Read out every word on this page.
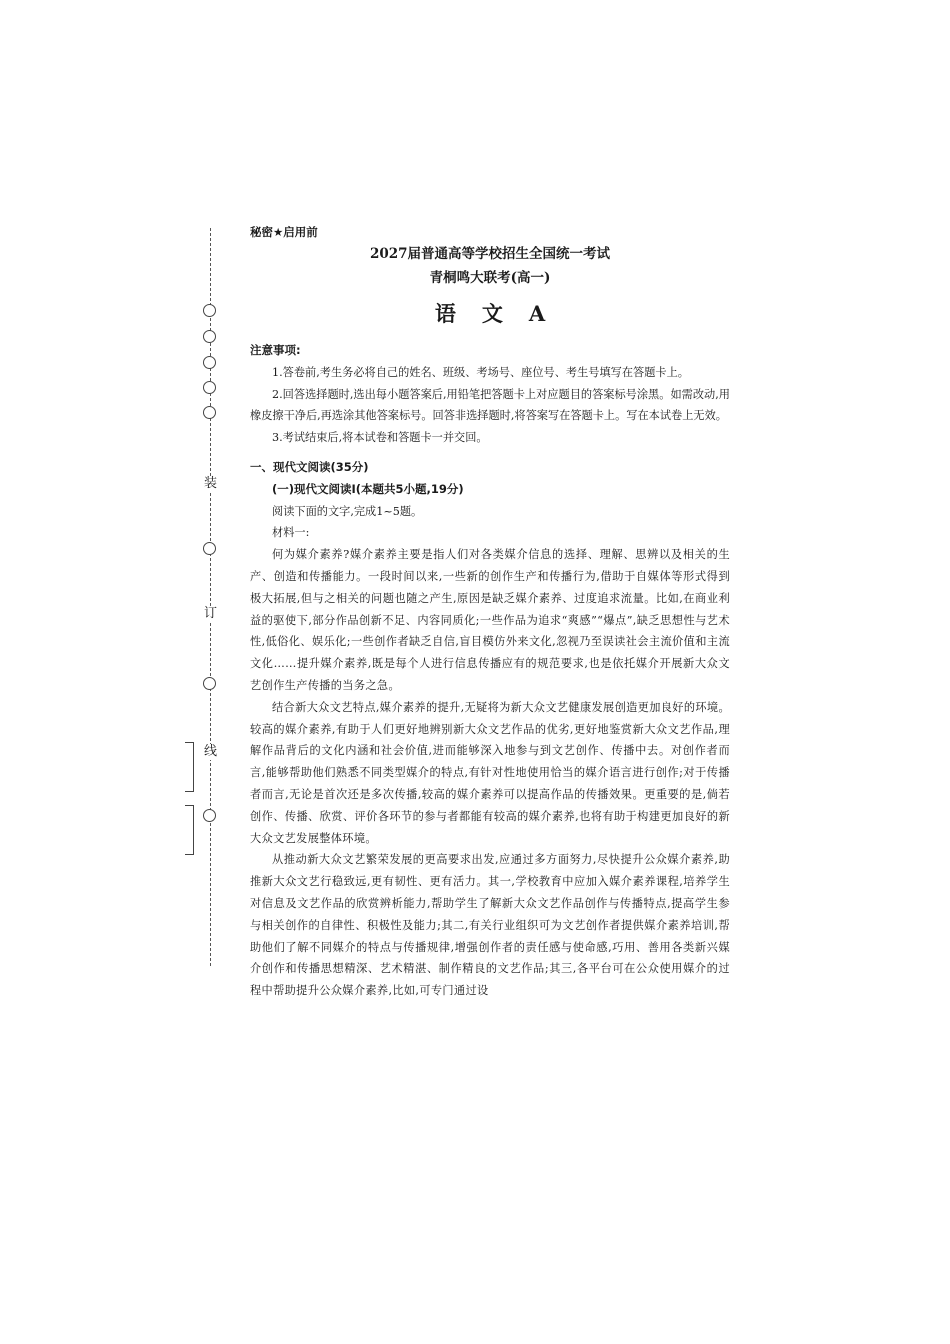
装
订
线
秘密★启用前
2027届普通高等学校招生全国统一考试
青桐鸣大联考(高一)
语文A
注意事项:

1.答卷前,考生务必将自己的姓名、班级、考场号、座位号、考生号填写在答题卡上。

2.回答选择题时,选出每小题答案后,用铅笔把答题卡上对应题目的答案标号涂黑。如需改动,用橡皮擦干净后,再选涂其他答案标号。回答非选择题时,将答案写在答题卡上。写在本试卷上无效。

3.考试结束后,将本试卷和答题卡一并交回。

一、现代文阅读(35分)
(一)现代文阅读Ⅰ(本题共5小题,19分)
阅读下面的文字,完成1~5题。
材料一:

何为媒介素养?媒介素养主要是指人们对各类媒介信息的选择、理解、思辨以及相关的生产、创造和传播能力。一段时间以来,一些新的创作生产和传播行为,借助于自媒体等形式得到极大拓展,但与之相关的问题也随之产生,原因是缺乏媒介素养、过度追求流量。比如,在商业利益的驱使下,部分作品创新不足、内容同质化;一些作品为追求“爽感”“爆点”,缺乏思想性与艺术性,低俗化、娱乐化;一些创作者缺乏自信,盲目模仿外来文化,忽视乃至误读社会主流价值和主流文化……提升媒介素养,既是每个人进行信息传播应有的规范要求,也是依托媒介开展新大众文艺创作生产传播的当务之急。

结合新大众文艺特点,媒介素养的提升,无疑将为新大众文艺健康发展创造更加良好的环境。较高的媒介素养,有助于人们更好地辨别新大众文艺作品的优劣,更好地鉴赏新大众文艺作品,理解作品背后的文化内涵和社会价值,进而能够深入地参与到文艺创作、传播中去。对创作者而言,能够帮助他们熟悉不同类型媒介的特点,有针对性地使用恰当的媒介语言进行创作;对于传播者而言,无论是首次还是多次传播,较高的媒介素养可以提高作品的传播效果。更重要的是,倘若创作、传播、欣赏、评价各环节的参与者都能有较高的媒介素养,也将有助于构建更加良好的新大众文艺发展整体环境。

从推动新大众文艺繁荣发展的更高要求出发,应通过多方面努力,尽快提升公众媒介素养,助推新大众文艺行稳致远,更有韧性、更有活力。其一,学校教育中应加入媒介素养课程,培养学生对信息及文艺作品的欣赏辨析能力,帮助学生了解新大众文艺作品创作与传播特点,提高学生参与相关创作的自律性、积极性及能力;其二,有关行业组织可为文艺创作者提供媒介素养培训,帮助他们了解不同媒介的特点与传播规律,增强创作者的责任感与使命感,巧用、善用各类新兴媒介创作和传播思想精深、艺术精湛、制作精良的文艺作品;其三,各平台可在公众使用媒介的过程中帮助提升公众媒介素养,比如,可专门通过设
